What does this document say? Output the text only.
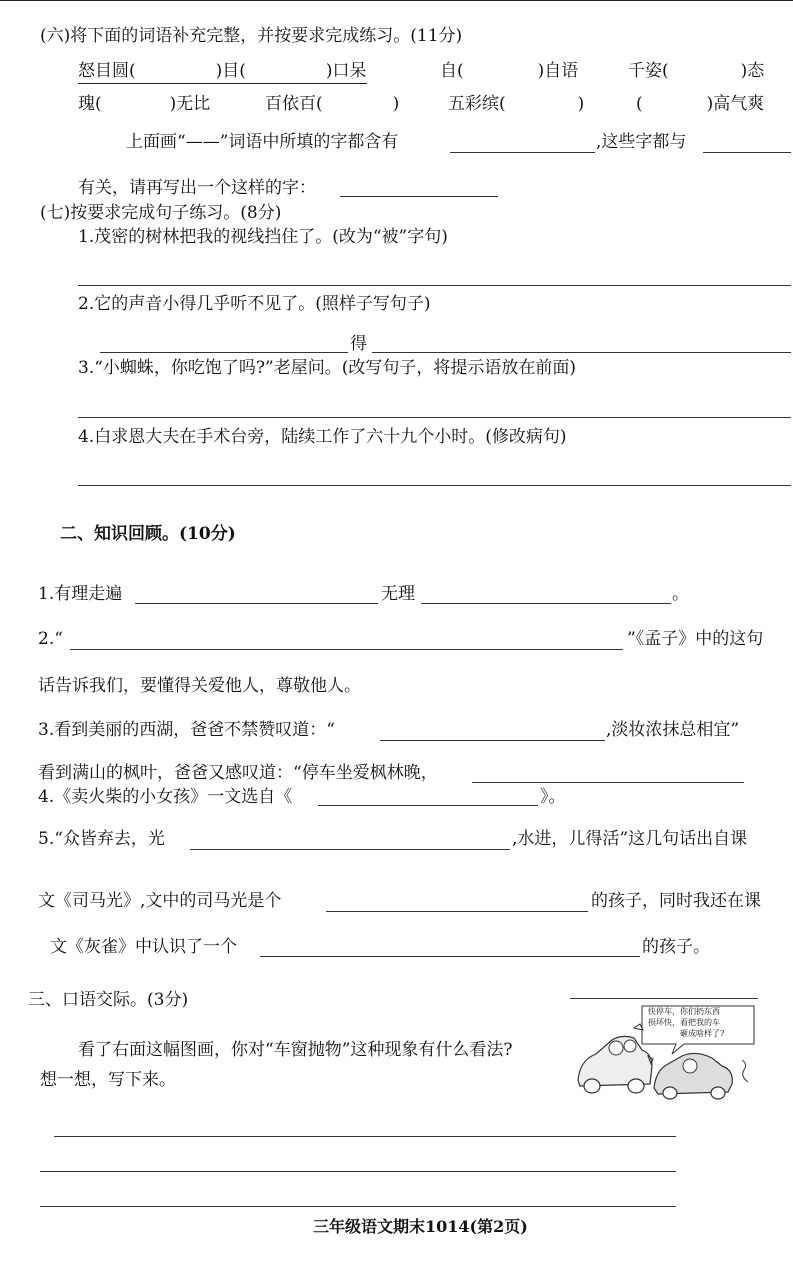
(六)将下面的词语补充完整，并按要求完成练习。(11分)
怒目圆(	)目(	)口呆	自(	)自语	千姿(	)态
瑰(	)无比	百依百(	)	五彩缤(	)	(	)高气爽
上面画“——”词语中所填的字都含有	,这些字都与
有关，请再写出一个这样的字：
(七)按要求完成句子练习。(8分)
1.茂密的树林把我的视线挡住了。(改为“被”字句)
2.它的声音小得几乎听不见了。(照样子写句子)
得
3.“小蜘蛛，你吃饱了吗?”老屋问。(改写句子，将提示语放在前面)
4.白求恩大夫在手术台旁，陆续工作了六十九个小时。(修改病句)
二、知识回顾。(10分)
1.有理走遍	无理	。
2.“	”《孟子》中的这句
话告诉我们，要懂得关爱他人，尊敬他人。
3.看到美丽的西湖，爸爸不禁赞叹道：“	,淡妆浓抹总相宜”
看到满山的枫叶，爸爸又感叹道：“停车坐爱枫林晚，
4.《卖火柴的小女孩》一文选自《	》。
5.“众皆弃去，光	,水进，儿得活”这几句话出自课
文《司马光》,文中的司马光是个	的孩子，同时我还在课
文《灰雀》中认识了一个	的孩子。
三、口语交际。(3分)
看了右面这幅图画，你对“车窗抛物”这种现象有什么看法?
想一想，写下来。
快停车，你们扔东西
损坏快，看把我的车
砸成啥样了?
三年级语文期末1014(第2页)
